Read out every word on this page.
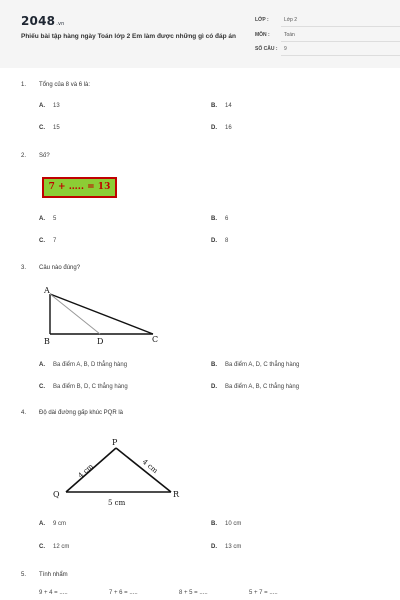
2048.vn
Phiếu bài tập hàng ngày Toán lớp 2 Em làm được những gì có đáp án
LỚP :	Lớp 2
MÔN :	Toán
SỐ CÂU : 9
1. Tổng của 8 và 6 là:
A. 13	B. 14
C. 15	D. 16
2. Số?
7 + ….. = 13
A. 5	B. 6
C. 7	D. 8
3. Câu nào đúng?
A
B	D	C
A. Ba điểm A, B, D thẳng hàng	B. Ba điểm A, D, C thẳng hàng
C. Ba điểm B, D, C thẳng hàng	D. Ba điểm A, B, C thẳng hàng
4. Độ dài đường gấp khúc PQR là
P
Q	R
4 cm	4 cm
5 cm
A. 9 cm	B. 10 cm
C. 12 cm	D. 13 cm
5. Tính nhẩm
9 + 4 = .....	7 + 6 = .....	8 + 5 = .....	5 + 7 = .....
